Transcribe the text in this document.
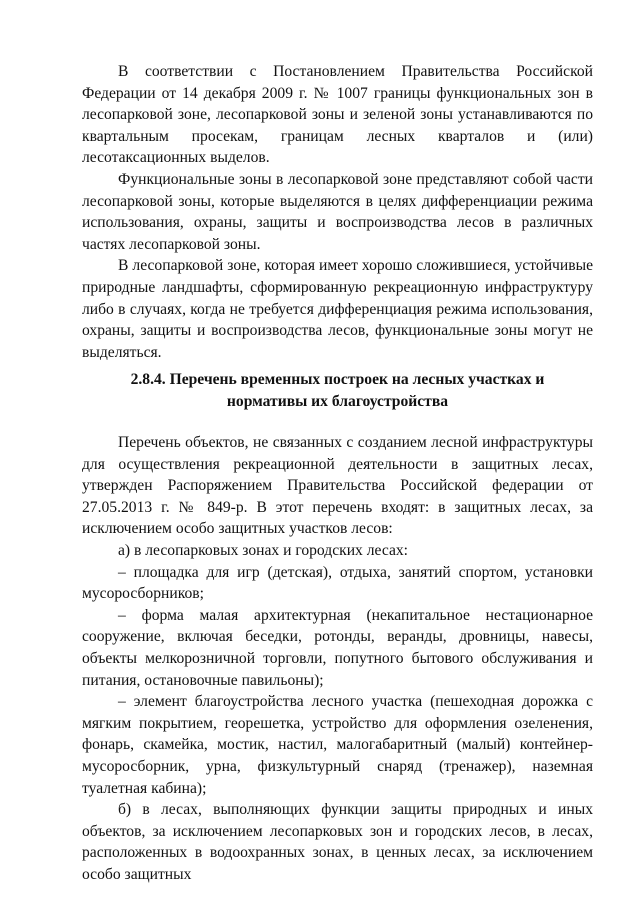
В соответствии с Постановлением Правительства Российской Федерации от 14 декабря 2009 г. № 1007 границы функциональных зон в лесопарковой зоне, лесопарковой зоны и зеленой зоны устанавливаются по квартальным просекам, границам лесных кварталов и (или) лесотаксационных выделов.

Функциональные зоны в лесопарковой зоне представляют собой части лесопарковой зоны, которые выделяются в целях дифференциации режима использования, охраны, защиты и воспроизводства лесов в различных частях лесопарковой зоны.

В лесопарковой зоне, которая имеет хорошо сложившиеся, устойчивые природные ландшафты, сформированную рекреационную инфраструктуру либо в случаях, когда не требуется дифференциация режима использования, охраны, защиты и воспроизводства лесов, функциональные зоны могут не выделяться.

2.8.4. Перечень временных построек на лесных участках и

нормативы их благоустройства

Перечень объектов, не связанных с созданием лесной инфраструктуры для осуществления рекреационной деятельности в защитных лесах, утвержден Распоряжением Правительства Российской федерации от 27.05.2013 г. № 849-р. В этот перечень входят: в защитных лесах, за исключением особо защитных участков лесов:

а) в лесопарковых зонах и городских лесах:

– площадка для игр (детская), отдыха, занятий спортом, установки мусоросборников;

– форма малая архитектурная (некапитальное нестационарное сооружение, включая беседки, ротонды, веранды, дровницы, навесы, объекты мелкорозничной торговли, попутного бытового обслуживания и питания, остановочные павильоны);

– элемент благоустройства лесного участка (пешеходная дорожка с мягким покрытием, георешетка, устройство для оформления озеленения, фонарь, скамейка, мостик, настил, малогабаритный (малый) контейнер-мусоросборник, урна, физкультурный снаряд (тренажер), наземная туалетная кабина);

б) в лесах, выполняющих функции защиты природных и иных объектов, за исключением лесопарковых зон и городских лесов, в лесах, расположенных в водоохранных зонах, в ценных лесах, за исключением особо защитных
